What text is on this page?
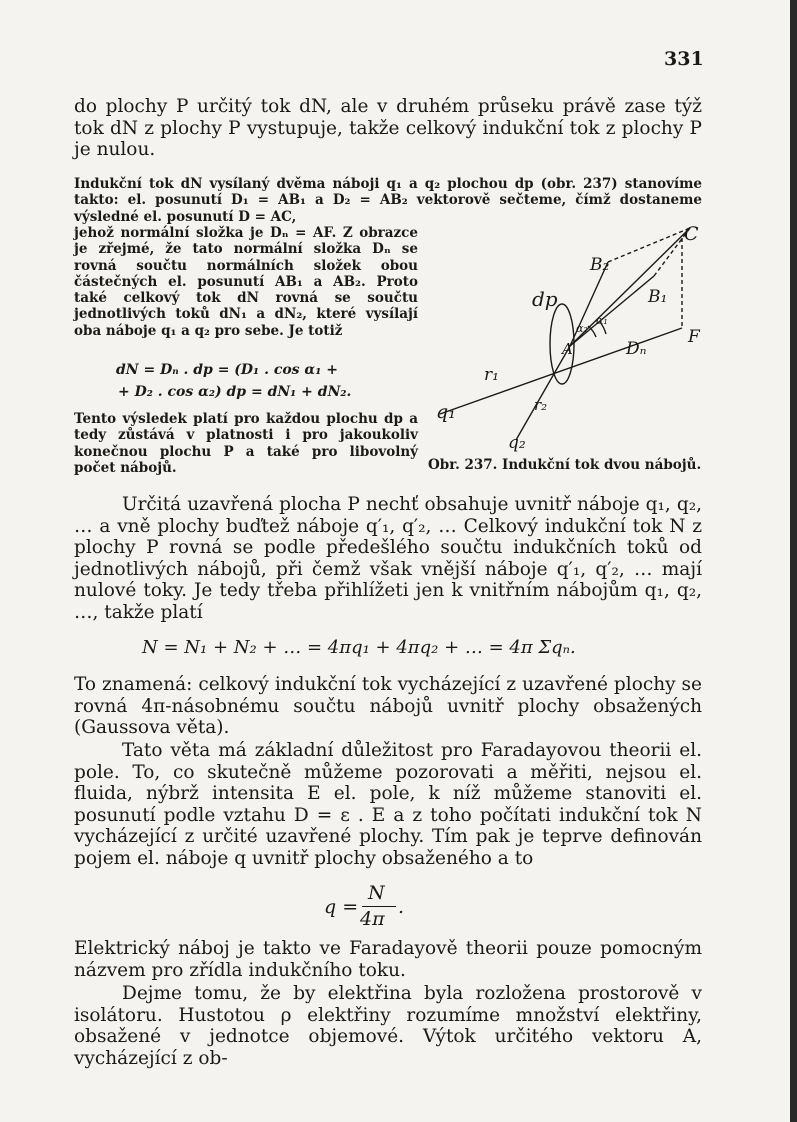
331

do plochy P určitý tok dN, ale v druhém průseku právě zase týž tok dN z plochy P vystupuje, takže celkový indukční tok z plochy P je nulou.

Indukční tok dN vysílaný dvěma náboji q₁ a q₂ plochou dp (obr. 237) stanovíme takto: el. posunutí D₁ = AB₁ a D₂ = AB₂ vektorově sečteme, čímž dostaneme výsledné el. posunutí D = AC,

jehož normální složka je Dₙ = AF. Z obrazce je zřejmé, že tato normální složka Dₙ se rovná součtu normálních složek obou částečných el. posunutí AB₁ a AB₂. Proto také celkový tok dN rovná se součtu jednotlivých toků dN₁ a dN₂, které vysílají oba náboje q₁ a q₂ pro sebe. Je totiž

dN = Dₙ . dp = (D₁ . cos α₁ +
+ D₂ . cos α₂) dp = dN₁ + dN₂.

Tento výsledek platí pro každou plochu dp a tedy zůstává v platnosti i pro jakoukoliv konečnou plochu P a také pro libovolný počet nábojů.

C
B₂
B₁
dp
α₂
α₁
F
A	Dₙ
r₁
r₂
q₁
q₂
Obr. 237. Indukční tok dvou nábojů.

Určitá uzavřená plocha P nechť obsahuje uvnitř náboje q₁, q₂, … a vně plochy buďtež náboje q′₁, q′₂, … Celkový indukční tok N z plochy P rovná se podle předešlého součtu indukčních toků od jednotlivých nábojů, při čemž však vnější náboje q′₁, q′₂, … mají nulové toky. Je tedy třeba přihlížeti jen k vnitřním nábojům q₁, q₂, …, takže platí

N = N₁ + N₂ + … = 4πq₁ + 4πq₂ + … = 4π Σqₙ.

To znamená: celkový indukční tok vycházející z uzavřené plochy se rovná 4π-násobnému součtu nábojů uvnitř plochy obsažených (Gaussova věta).

Tato věta má základní důležitost pro Faradayovou theorii el. pole. To, co skutečně můžeme pozorovati a měřiti, nejsou el. fluida, nýbrž intensita E el. pole, k níž můžeme stanoviti el. posunutí podle vztahu D = ε . E a z toho počítati indukční tok N vycházející z určité uzavřené plochy. Tím pak je teprve definován pojem el. náboje q uvnitř plochy obsaženého a to

q =
N
4π
.

Elektrický náboj je takto ve Faradayově theorii pouze pomocným názvem pro zřídla indukčního toku.

Dejme tomu, že by elektřina byla rozložena prostorově v isolátoru. Hustotou ρ elektřiny rozumíme množství elektřiny, obsažené v jednotce objemové. Výtok určitého vektoru A, vycházející z ob-
